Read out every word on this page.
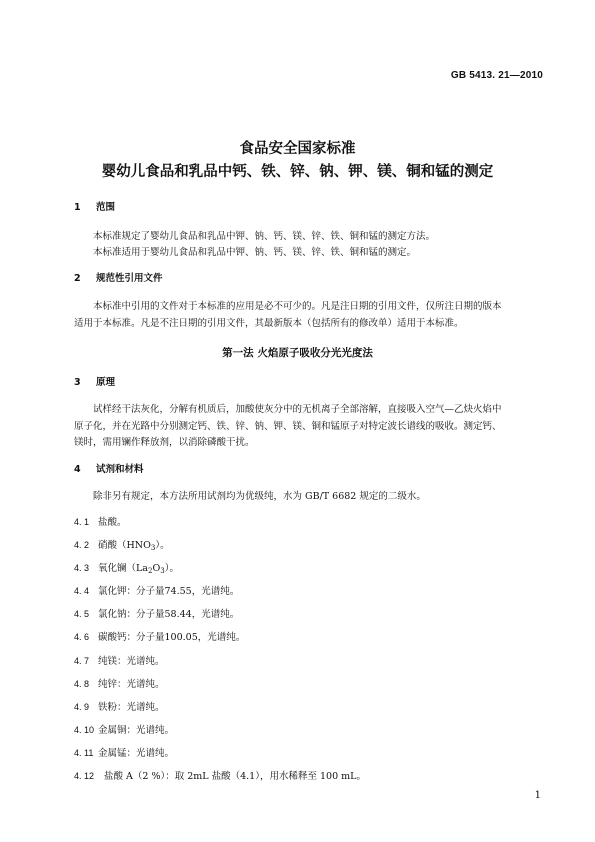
GB 5413. 21—2010
食品安全国家标准
婴幼儿食品和乳品中钙、铁、锌、钠、钾、镁、铜和锰的测定
1 范围
本标准规定了婴幼儿食品和乳品中钾、钠、钙、镁、锌、铁、铜和锰的测定方法。
本标准适用于婴幼儿食品和乳品中钾、钠、钙、镁、锌、铁、铜和锰的测定。
2 规范性引用文件
本标准中引用的文件对于本标准的应用是必不可少的。凡是注日期的引用文件，仅所注日期的版本
适用于本标准。凡是不注日期的引用文件，其最新版本（包括所有的修改单）适用于本标准。
第一法 火焰原子吸收分光光度法
3 原理
试样经干法灰化，分解有机质后，加酸使灰分中的无机离子全部溶解，直接吸入空气—乙炔火焰中
原子化，并在光路中分别测定钙、铁、锌、钠、钾、镁、铜和锰原子对特定波长谱线的吸收。测定钙、
镁时，需用镧作释放剂，以消除磷酸干扰。
4 试剂和材料
除非另有规定，本方法所用试剂均为优级纯，水为 GB/T 6682 规定的二级水。
4. 1 盐酸。
4. 2 硝酸$(HNO_3)$。
4. 3 氧化镧$(La_2O_3)$。
4. 4 氯化钾：分子量74.55，光谱纯。
4. 5 氯化钠：分子量58.44，光谱纯。
4. 6 碳酸钙：分子量100.05，光谱纯。
4. 7 纯镁：光谱纯。
4. 8 纯锌：光谱纯。
4. 9 铁粉：光谱纯。
4. 10 金属铜：光谱纯。
4. 11 金属锰：光谱纯。
4. 12 盐酸 A（2 %）：取 2mL 盐酸（4.1），用水稀释至 100 mL。
1
